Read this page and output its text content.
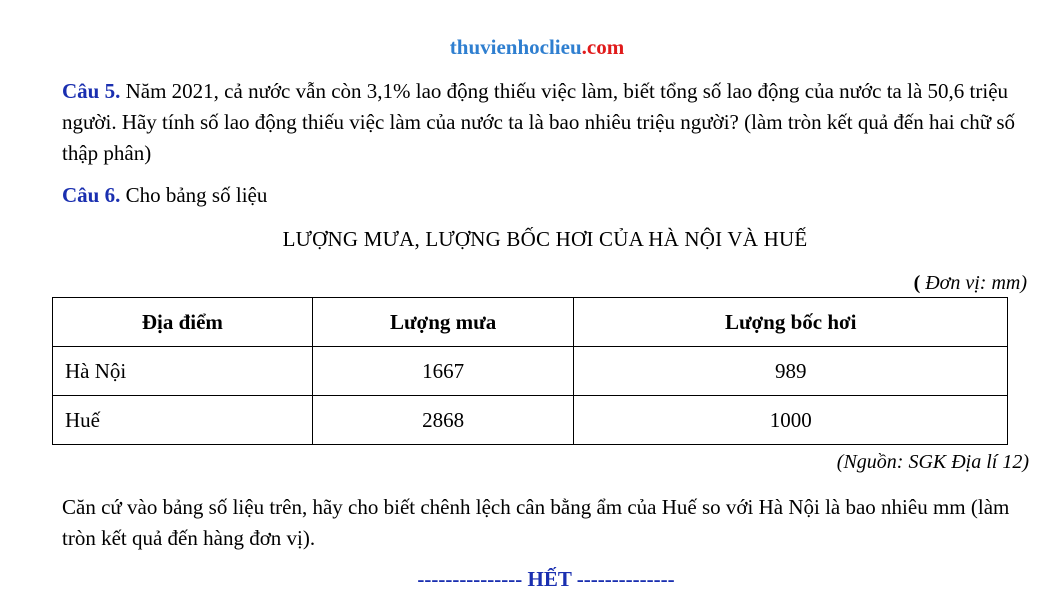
thuvienhoclieu.com
Câu 5. Năm 2021, cả nước vẫn còn 3,1% lao động thiếu việc làm, biết tổng số lao động của nước ta là 50,6 triệu người. Hãy tính số lao động thiếu việc làm của nước ta là bao nhiêu triệu người? (làm tròn kết quả đến hai chữ số thập phân)
Câu 6. Cho bảng số liệu
LƯỢNG MƯA, LƯỢNG BỐC HƠI CỦA HÀ NỘI VÀ HUẾ
( Đơn vị: mm)
Địa điểm	Lượng mưa	Lượng bốc hơi
Hà Nội	1667	989
Huế	2868	1000
(Nguồn: SGK Địa lí 12)
Căn cứ vào bảng số liệu trên, hãy cho biết chênh lệch cân bằng ẩm của Huế so với Hà Nội là bao nhiêu mm (làm tròn kết quả đến hàng đơn vị).
--------------- HẾT --------------
